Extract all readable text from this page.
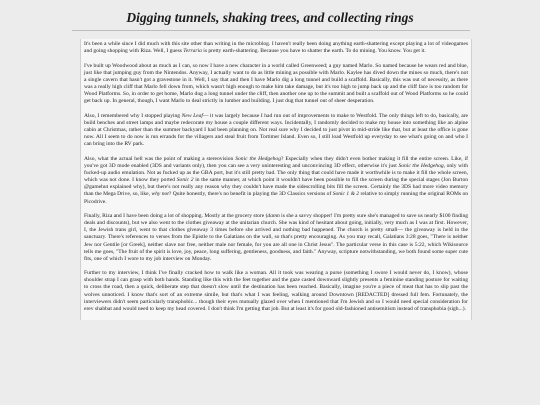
Digging tunnels, shaking trees, and collecting rings

It's been a while since I did much with this site other than writing in the microblog. I haven't really been doing anything earth-shattering except playing a lot of videogames and going shopping with Riza. Well, I guess Terraria is pretty earth-shattering. Because you have to shatter the earth. To do mining. You know. You get it.

I've built up Woodwood about as much as I can, so now I have a new character in a world called Greenweed; a guy named Marlo. So named because he wears red and blue, just like that jumping guy from the Nintendos. Anyway, I actually want to do as little mining as possible with Marlo. Kaylee has dived down the mines so much, there's not a single cavern that hasn't got a gravestone in it. Well, I say that and then I have Marlo dig a long tunnel and build a scaffold. Basically, this was out of necessity, as there was a really high cliff that Marlo fell down from, which wasn't high enough to make him take damage, but it's too high to jump back up and the cliff face is too random for Wood Platforms. So, in order to get home, Marlo dug a long tunnel under the cliff, then another one up to the summit and built a scaffold out of Wood Platforms so he could get back up. In general, though, I want Marlo to deal strictly in lumber and building. I just dug that tunnel out of sheer desperation.

Also, I remembered why I stopped playing New Leaf— it was largely because I had run out of improvements to make to Westfold. The only things left to do, basically, are build benches and street lamps and maybe redecorate my house a couple different ways. Incidentally, I randomly decided to make my house into something like an alpine cabin at Christmas, rather than the summer backyard I had been planning on. Not real sure why I decided to just pivot in mid-stride like that, but at least the office is gone now. All I seem to do now is run errands for the villagers and steal fruit from Tortimer Island. Even so, I still load Westfold up everyday to see what's going on and who I can bring into the RV park.

Also, what the actual hell was the point of making a stereovision Sonic the Hedgehog? Especially when they didn't even bother making it fill the entire screen. Like, if you've got 3D mode enabled (3DS and variants only), then you can see a very uninteresting and unconvincing 3D effect, otherwise it's just Sonic the Hedgehog, only with fucked-up audio emulation. Not as fucked up as the GBA port, but it's still pretty bad. The only thing that could have made it worthwhile is to make it fill the whole screen, which was not done. I know they ported Sonic 2 in the same manner, at which point it wouldn't have been possible to fill the screen during the special stages (Jon Burton @gamehut explained why), but there's not really any reason why they couldn't have made the sidescrolling bits fill the screen. Certainly the 3DS had more video memory than the Mega Drive, so, like, why not? Quite honestly, there's no benefit in playing the 3D Classics versions of Sonic 1 & 2 relative to simply running the original ROMs on Picodrive.

Finally, Riza and I have been doing a lot of shopping. Mostly at the grocery store (damn is she a savvy shopper! I'm pretty sure she's managed to save us nearly $100 finding deals and discounts), but we also went to the clothes giveaway at the unitarian church. She was kind of hesitant about going, initially, very much as I was at first. However, I, the Jewish trans girl, went to that clothes giveaway 3 times before she arrived and nothing bad happened. The church is pretty small— the giveaway is held in the sanctuary. There's references to verses from the Epistle to the Galatians on the wall, so that's pretty encouraging. As you may recall, Galatians 3:28 goes, "There is neither Jew nor Gentile [or Greek], neither slave nor free, neither male nor female, for you are all one in Christ Jesus". The particular verse in this case is 5:22, which Wikisource tells me goes, "The fruit of the spirit is love, joy, peace, long suffering, gentleness, goodness, and faith." Anyway, scripture notwithstanding, we both found some super cute fits, one of which I wore to my job interview on Monday.

Further to my interview, I think I've finally cracked how to walk like a woman. All it took was wearing a purse (something I swore I would never do, I know), whose shoulder strap I can grasp with both hands. Standing like this with the feet together and the gaze casted downward slightly presents a feminine standing posture for waiting to cross the road, then a quick, deliberate step that doesn't slow until the destination has been reached. Basically, imagine you're a piece of meat that has to slip past the wolves unnoticed. I know that's sort of an extreme simile, but that's what I was feeling, walking around Downtown [REDACTED] dressed full fem. Fortunately, the interviewers didn't seem particularly transphobic... though their eyes mutually glazed over when I mentioned that I'm Jewish and so I would need special consideration for erev shabbat and would need to keep my head covered. I don't think I'm getting that job. But at least it's for good old-fashioned antisemitism instead of transphobia (sigh...).
